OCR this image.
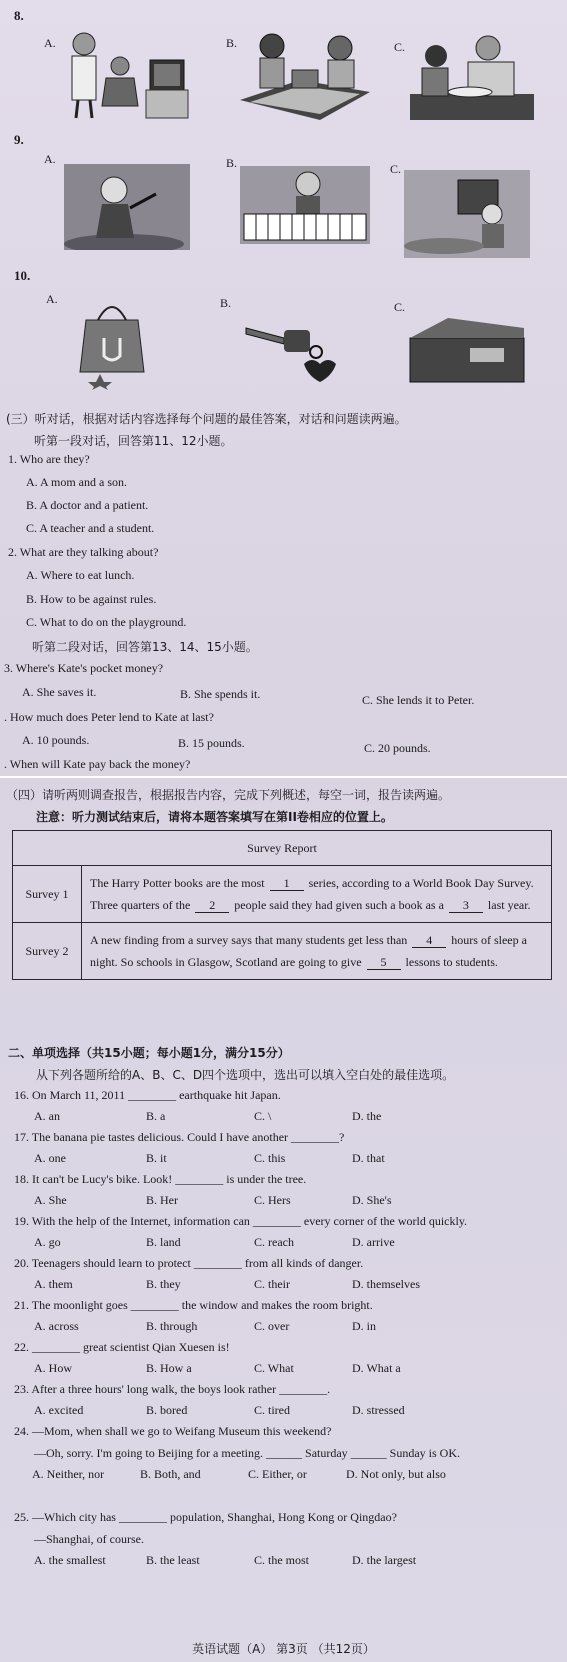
8.
A.	B.	C.
9.
A.	B.	C.
10.
A.	B.	C.
(三）听对话，根据对话内容选择每个问题的最佳答案，对话和问题读两遍。
听第一段对话，回答第11、12小题。
1. Who are they?
A. A mom and a son.
B. A doctor and a patient.
C. A teacher and a student.
2. What are they talking about?
A. Where to eat lunch.
B. How to be against rules.
C. What to do on the playground.
听第二段对话，回答第13、14、15小题。
3. Where's Kate's pocket money?
A. She saves it.	B. She spends it.	C. She lends it to Peter.
. How much does Peter lend to Kate at last?
A. 10 pounds.	B. 15 pounds.	C. 20 pounds.
. When will Kate pay back the money?
（四）请听两则调查报告，根据报告内容，完成下列概述，每空一词，报告读两遍。
注意：听力测试结束后，请将本题答案填写在第II卷相应的位置上。
Survey Report	
Survey 1	The Harry Potter books are the most 1 series, according to a World Book Day Survey. Three quarters of the 2 people said they had given such a book as a 3 last year.
Survey 2	A new finding from a survey says that many students get less than 4 hours of sleep a night. So schools in Glasgow, Scotland are going to give 5 lessons to students.
二、单项选择（共15小题；每小题1分，满分15分）
从下列各题所给的A、B、C、D四个选项中，选出可以填入空白处的最佳选项。
16. On March 11, 2011 ________ earthquake hit Japan.
A. an	B. a	C. \	D. the
17. The banana pie tastes delicious. Could I have another ________?
A. one	B. it	C. this	D. that
18. It can't be Lucy's bike. Look! ________ is under the tree.
A. She	B. Her	C. Hers	D. She's
19. With the help of the Internet, information can ________ every corner of the world quickly.
A. go	B. land	C. reach	D. arrive
20. Teenagers should learn to protect ________ from all kinds of danger.
A. them	B. they	C. their	D. themselves
21. The moonlight goes ________ the window and makes the room bright.
A. across	B. through	C. over	D. in
22. ________ great scientist Qian Xuesen is!
A. How	B. How a	C. What	D. What a
23. After a three hours' long walk, the boys look rather ________.
A. excited	B. bored	C. tired	D. stressed
24. —Mom, when shall we go to Weifang Museum this weekend?
—Oh, sorry. I'm going to Beijing for a meeting. ______ Saturday ______ Sunday is OK.
A. Neither, nor	B. Both, and	C. Either, or	D. Not only, but also
25. —Which city has ________ population, Shanghai, Hong Kong or Qingdao?
—Shanghai, of course.
A. the smallest	B. the least	C. the most	D. the largest
英语试题（A） 第3页 （共12页）
